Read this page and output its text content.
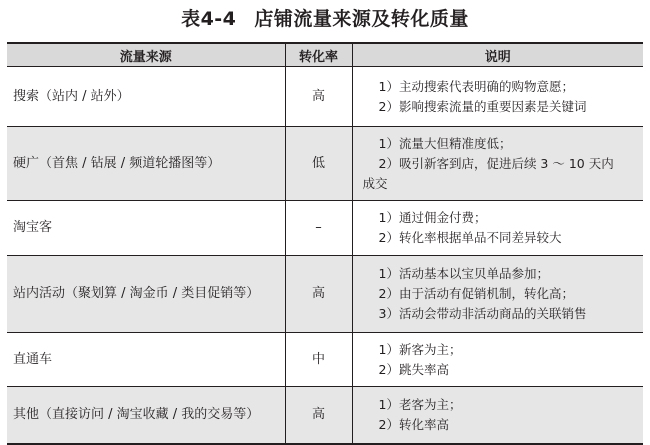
表4-4 店铺流量来源及转化质量
流量来源	转化率	说明
搜索（站内 / 站外）	高	1）主动搜索代表明确的购物意愿；
2）影响搜索流量的重要因素是关键词

硬广（首焦 / 钻展 / 频道轮播图等）	低	1）流量大但精准度低；
2）吸引新客到店，促进后续 3 ～ 10 天内
成交

淘宝客	–	1）通过佣金付费；
2）转化率根据单品不同差异较大

站内活动（聚划算 / 淘金币 / 类目促销等）	高	1）活动基本以宝贝单品参加；
2）由于活动有促销机制，转化高；
3）活动会带动非活动商品的关联销售

直通车	中	1）新客为主；
2）跳失率高

其他（直接访问 / 淘宝收藏 / 我的交易等）	高	1）老客为主；
2）转化率高
